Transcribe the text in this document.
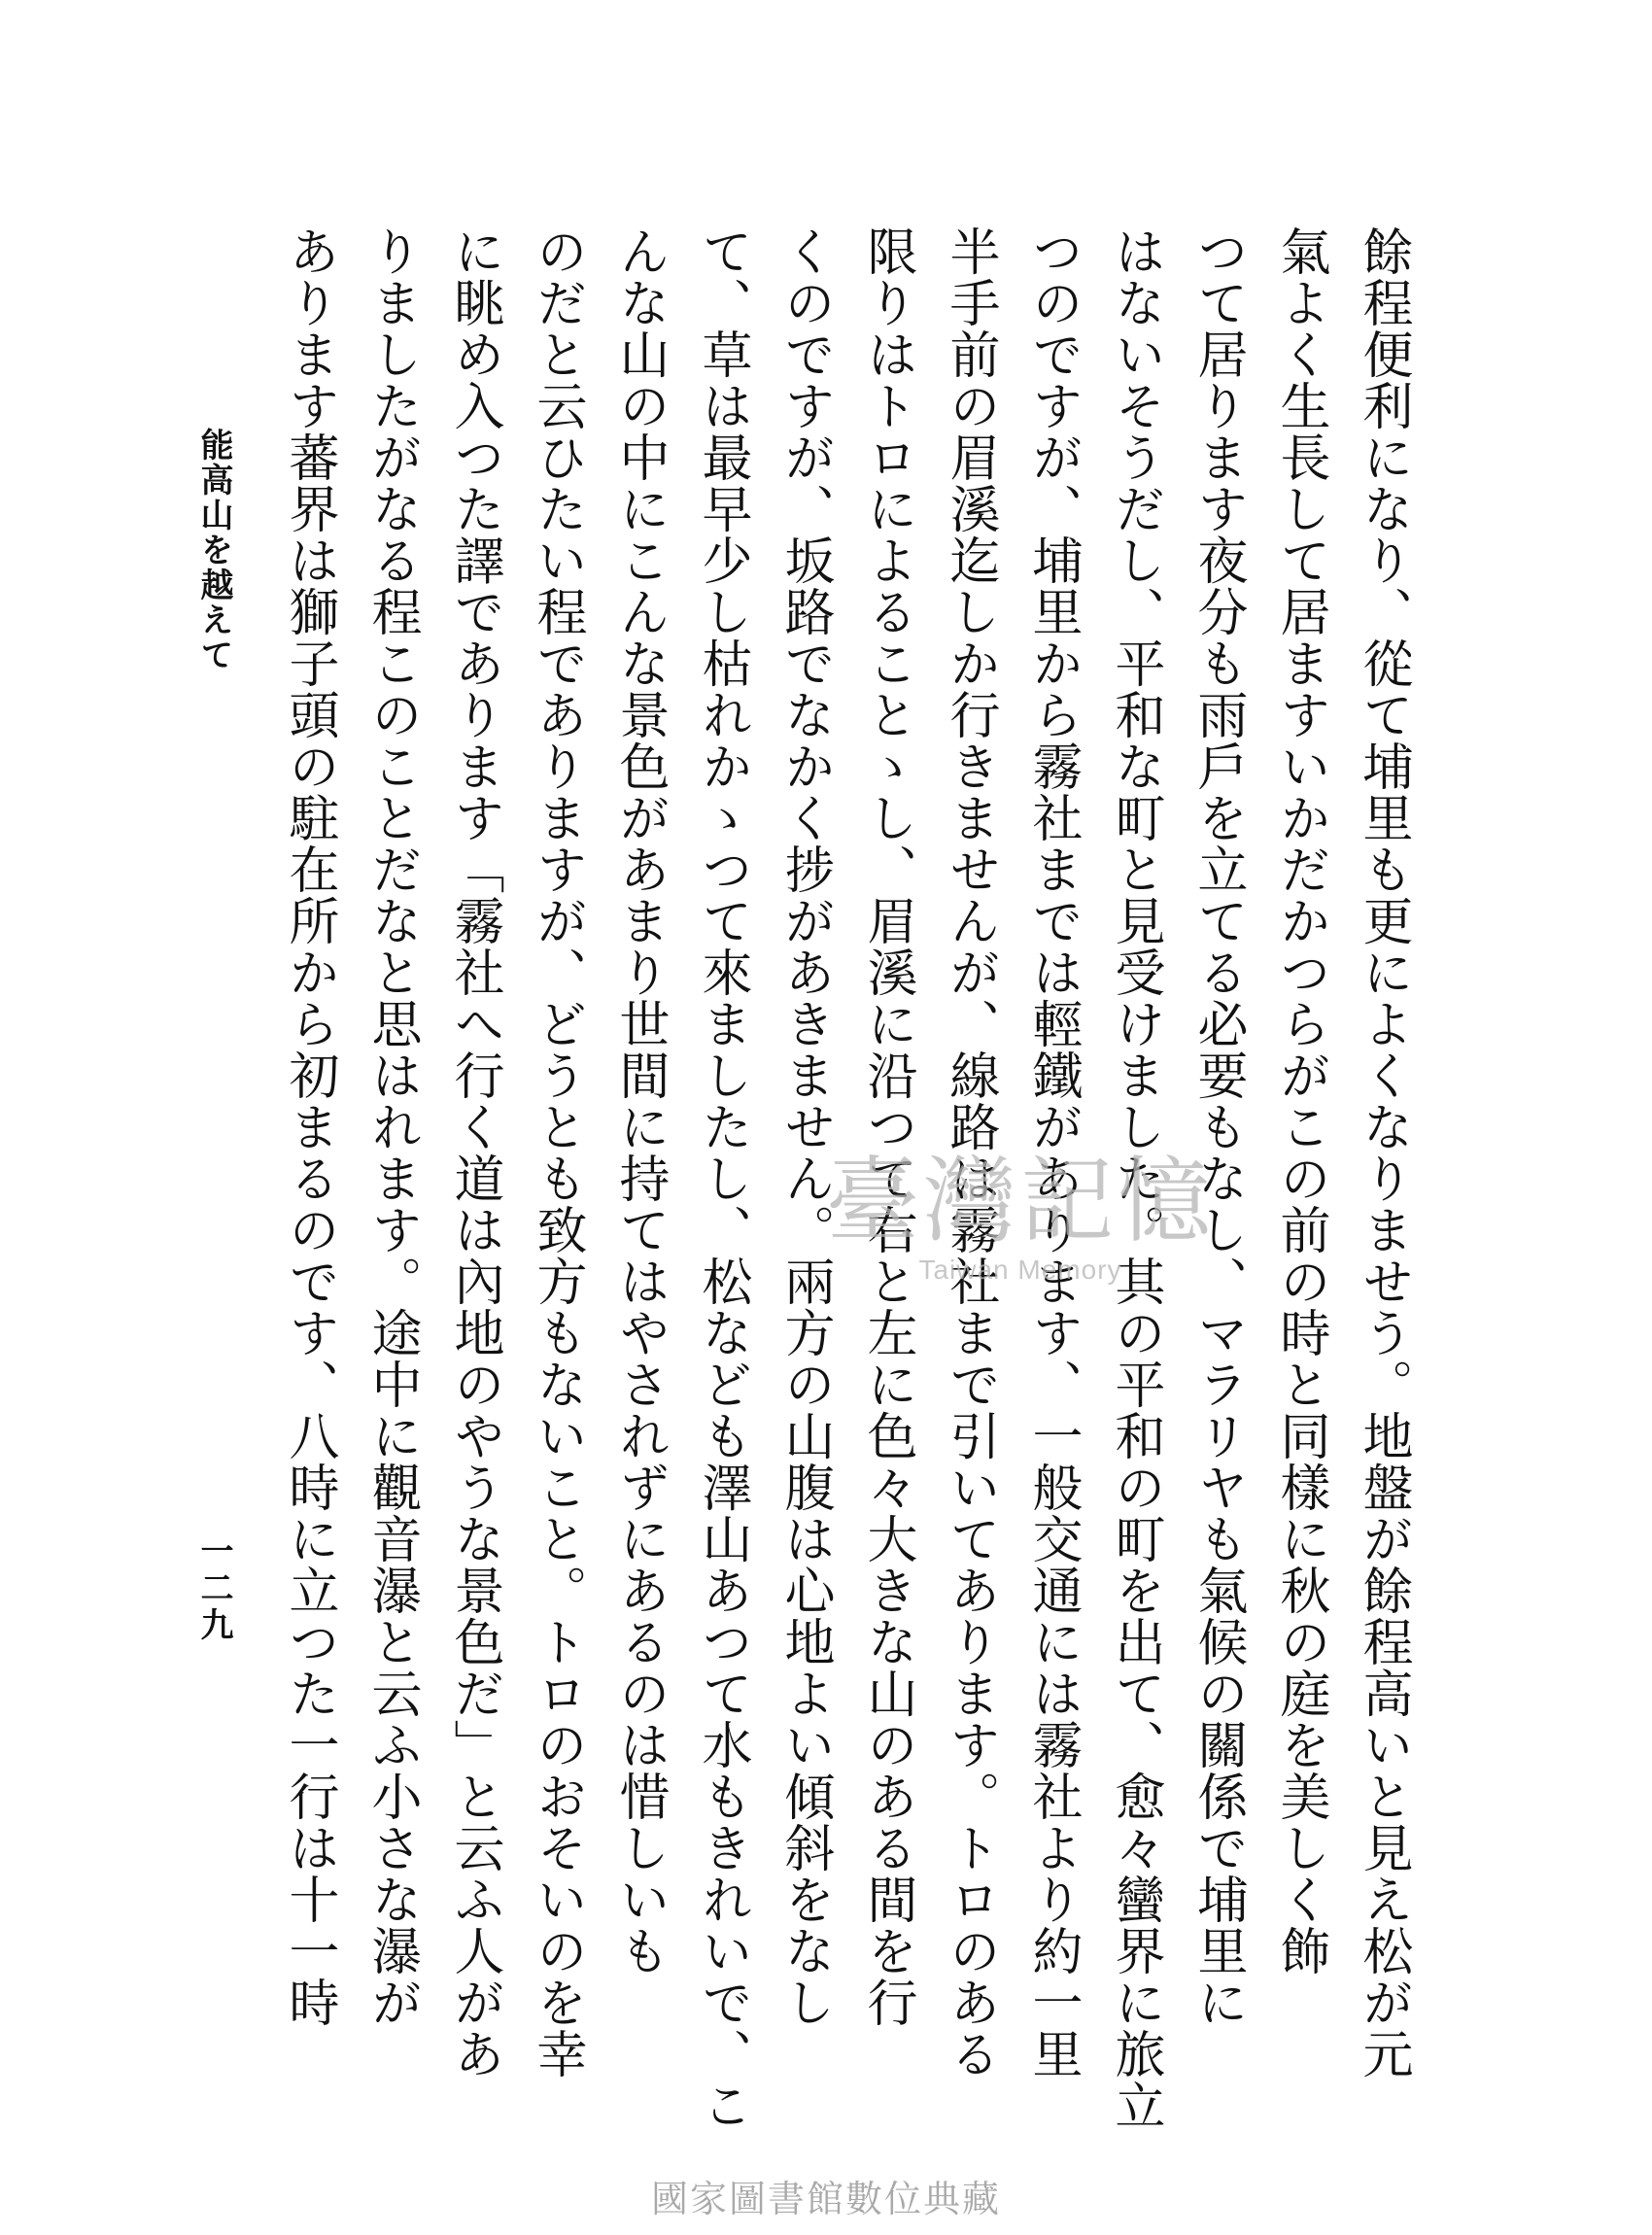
餘程便利になり、從て埔里も更によくなりませう。地盤が餘程高いと見え松が元
氣よく生長して居ますいかだかつらがこの前の時と同樣に秋の庭を美しく飾
つて居ります夜分も雨戶を立てる必要もなし、マラリヤも氣候の關係で埔里に
はないそうだし、平和な町と見受けました。其の平和の町を出て、愈々蠻界に旅立
つのですが、埔里から霧社までは輕鐵があります、一般交通には霧社より約一里
半手前の眉溪迄しか行きませんが、線路は霧社まで引いてあります。トロのある
限りはトロによることゝし、眉溪に沿つて右と左に色々大きな山のある間を行
くのですが、坂路でなかく捗があきません。兩方の山腹は心地よい傾斜をなし
て、草は最早少し枯れかゝつて來ましたし、松なども澤山あつて水もきれいで、こ
んな山の中にこんな景色があまり世間に持てはやされずにあるのは惜しいも
のだと云ひたい程でありますが、どうとも致方もないこと。トロのおそいのを幸
に眺め入つた譯であります「霧社へ行く道は內地のやうな景色だ」と云ふ人があ
りましたがなる程このことだなと思はれます。途中に觀音瀑と云ふ小さな瀑が
あります蕃界は獅子頭の駐在所から初まるのです、八時に立つた一行は十一時
能高山を越えて
一二九
臺灣記憶
Taiwan Memory
國家圖書館數位典藏
